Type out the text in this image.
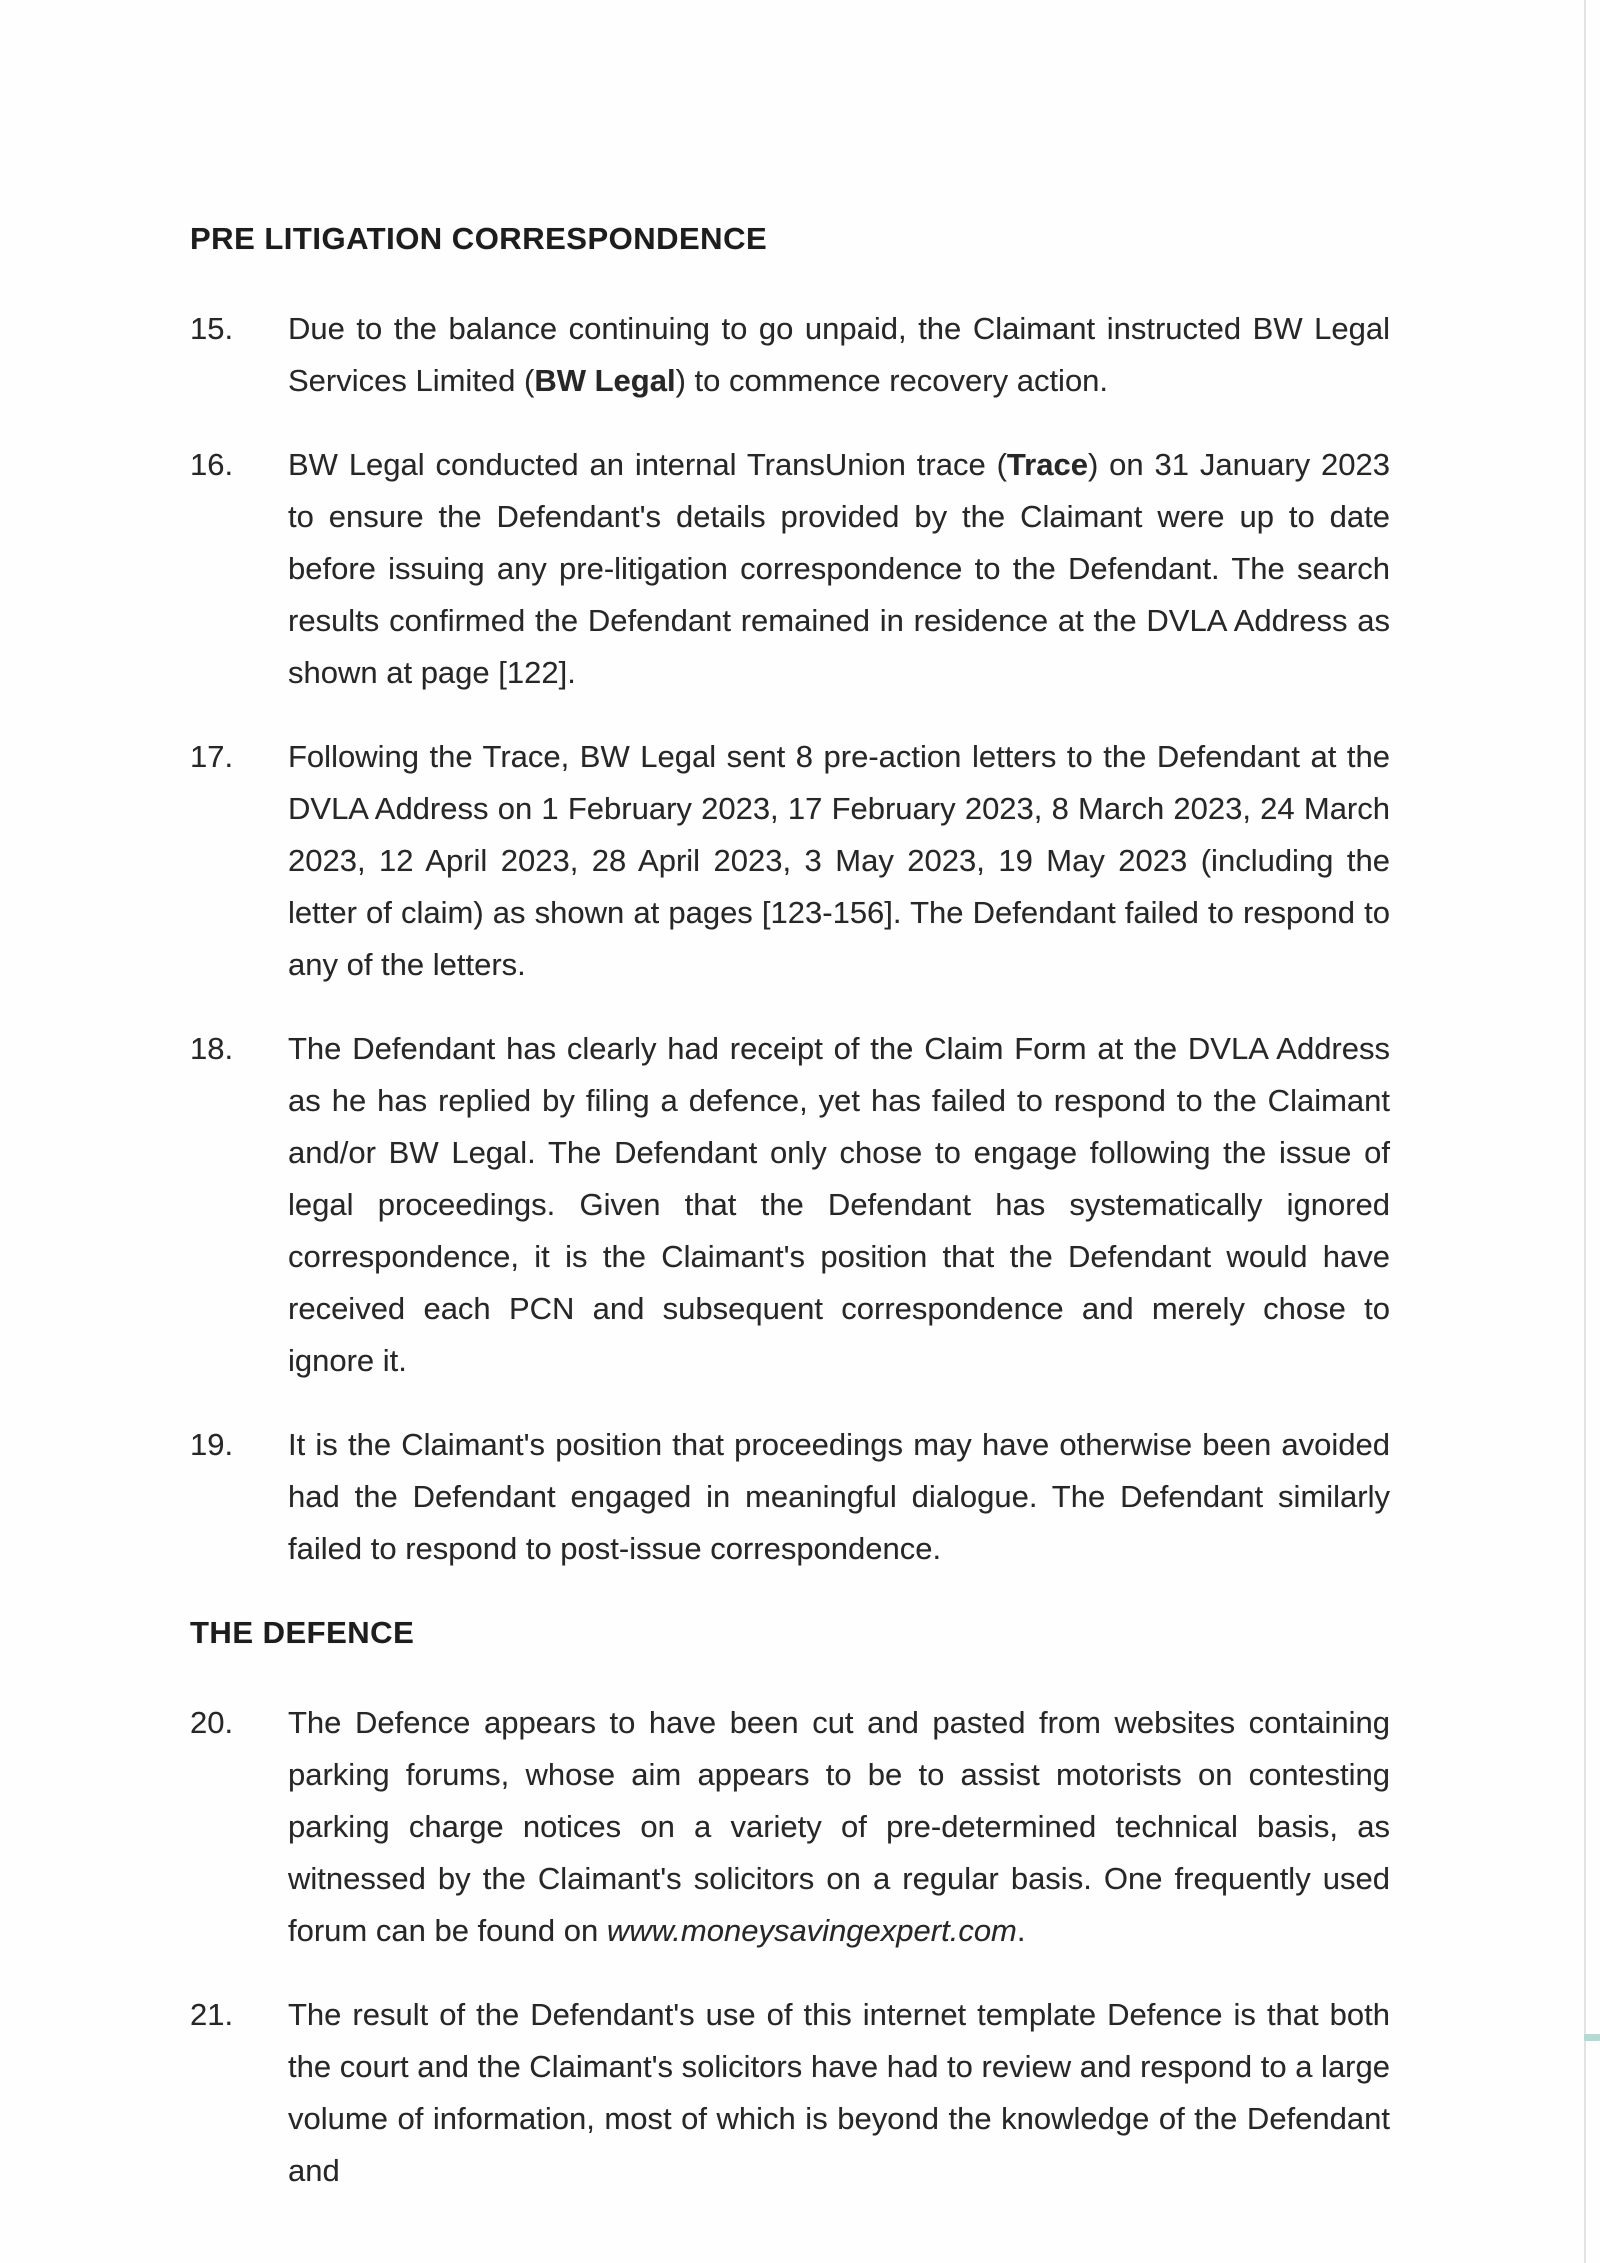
PRE LITIGATION CORRESPONDENCE
15.	Due to the balance continuing to go unpaid, the Claimant instructed BW Legal Services Limited (BW Legal) to commence recovery action.

16.	BW Legal conducted an internal TransUnion trace (Trace) on 31 January 2023 to ensure the Defendant's details provided by the Claimant were up to date before issuing any pre-litigation correspondence to the Defendant. The search results confirmed the Defendant remained in residence at the DVLA Address as shown at page [122].

17.	Following the Trace, BW Legal sent 8 pre-action letters to the Defendant at the DVLA Address on 1 February 2023, 17 February 2023, 8 March 2023, 24 March 2023, 12 April 2023, 28 April 2023, 3 May 2023, 19 May 2023 (including the letter of claim) as shown at pages [123-156]. The Defendant failed to respond to any of the letters.

18.	The Defendant has clearly had receipt of the Claim Form at the DVLA Address as he has replied by filing a defence, yet has failed to respond to the Claimant and/or BW Legal. The Defendant only chose to engage following the issue of legal proceedings. Given that the Defendant has systematically ignored correspondence, it is the Claimant's position that the Defendant would have received each PCN and subsequent correspondence and merely chose to ignore it.

19.	It is the Claimant's position that proceedings may have otherwise been avoided had the Defendant engaged in meaningful dialogue. The Defendant similarly failed to respond to post-issue correspondence.

THE DEFENCE
20.	The Defence appears to have been cut and pasted from websites containing parking forums, whose aim appears to be to assist motorists on contesting parking charge notices on a variety of pre-determined technical basis, as witnessed by the Claimant's solicitors on a regular basis. One frequently used forum can be found on www.moneysavingexpert.com.

21.	The result of the Defendant's use of this internet template Defence is that both the court and the Claimant's solicitors have had to review and respond to a large volume of information, most of which is beyond the knowledge of the Defendant and
